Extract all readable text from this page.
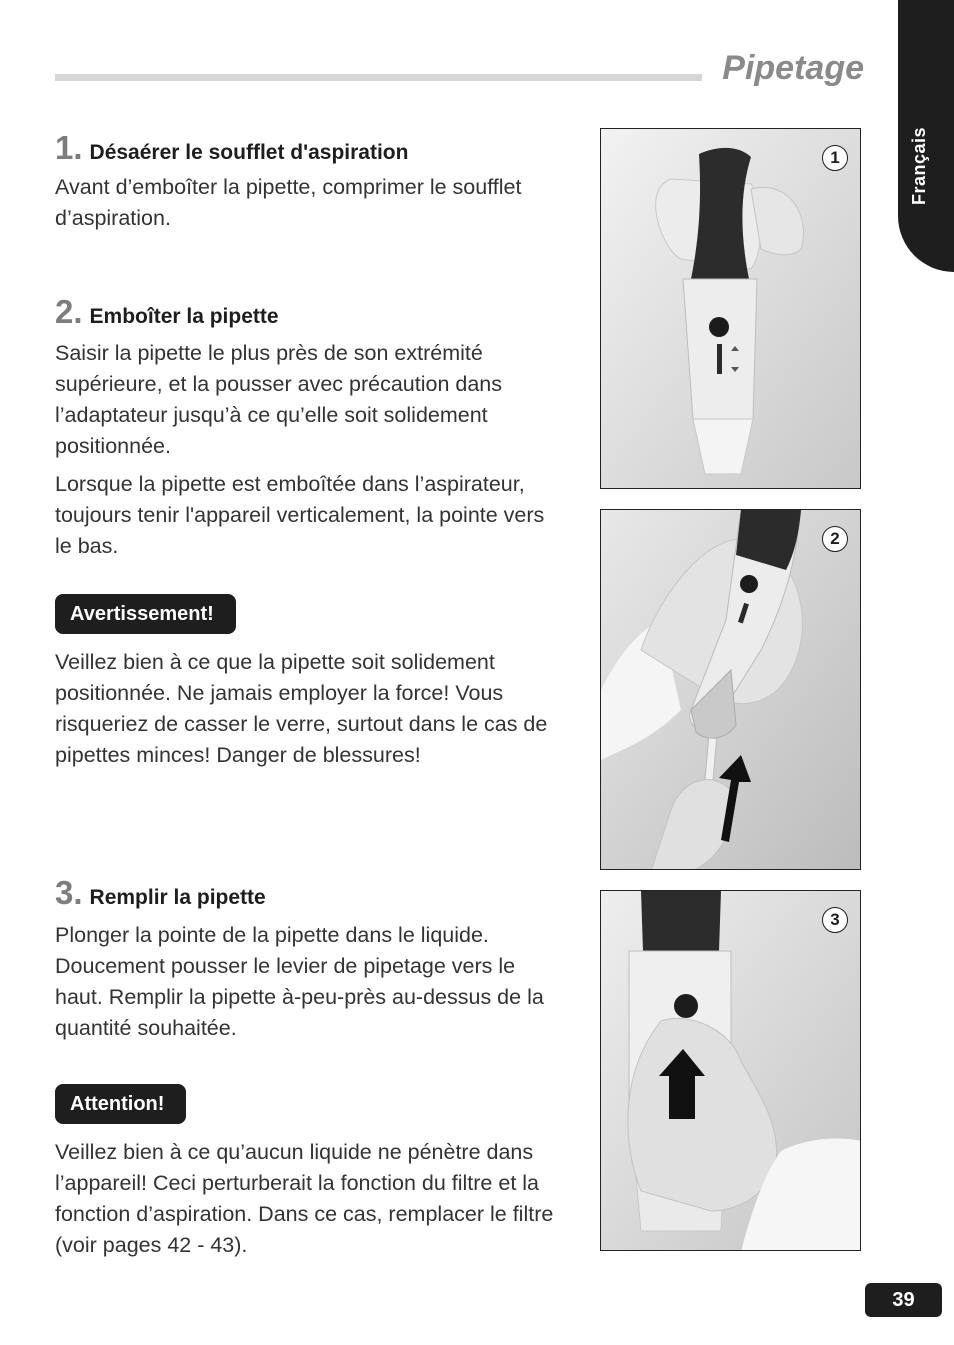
Pipetage
Français
1. Désaérer le soufflet d'aspiration

Avant d’emboîter la pipette, comprimer le soufflet d’aspiration.

2. Emboîter la pipette

Saisir la pipette le plus près de son extrémité supérieure, et la pousser avec précaution dans l’adaptateur jusqu’à ce qu’elle soit solidement positionnée.

Lorsque la pipette est emboîtée dans l’aspirateur, toujours tenir l'appareil verticalement, la pointe vers le bas.

Avertissement!

Veillez bien à ce que la pipette soit solidement positionnée. Ne jamais employer la force! Vous risqueriez de casser le verre, surtout dans le cas de pipettes minces! Danger de blessures!

3. Remplir la pipette

Plonger la pointe de la pipette dans le liquide. Doucement pousser le levier de pipetage vers le haut. Remplir la pipette à-peu-près au-dessus de la quantité souhaitée.

Attention!

Veillez bien à ce qu’aucun liquide ne pénètre dans l’appareil! Ceci perturberait la fonction du filtre et la fonction d’aspiration. Dans ce cas, remplacer le filtre (voir pages 42 - 43).

1
2
3
39
